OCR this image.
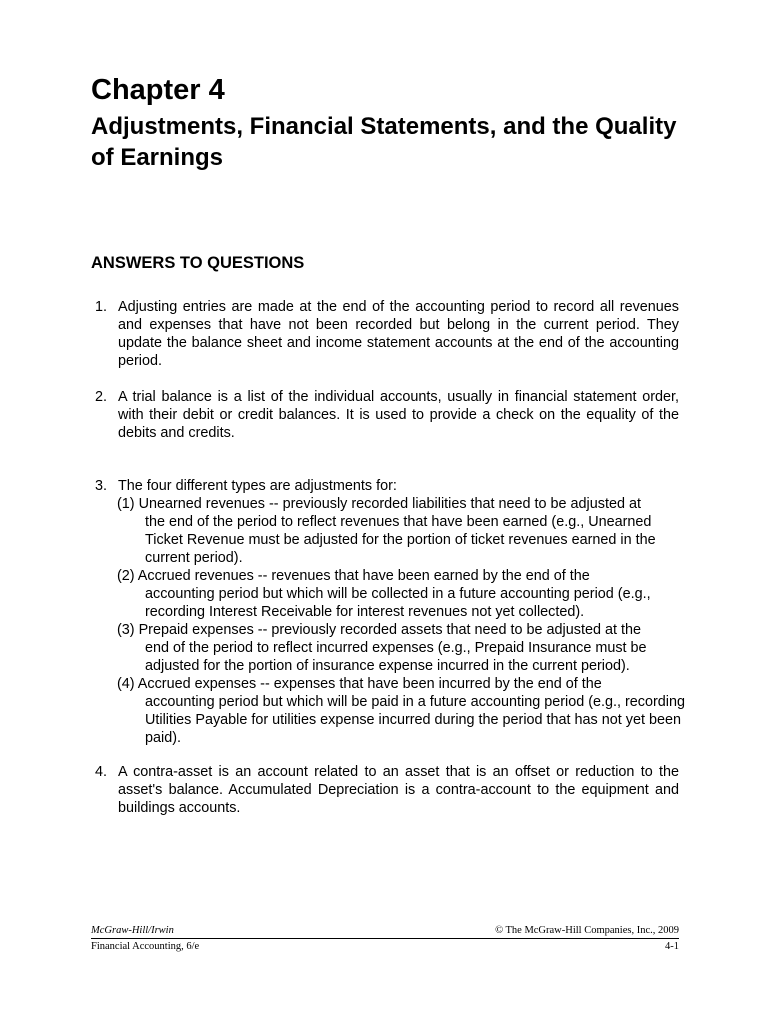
Chapter 4
Adjustments, Financial Statements, and the Quality of Earnings
ANSWERS TO QUESTIONS
1. Adjusting entries are made at the end of the accounting period to record all revenues and expenses that have not been recorded but belong in the current period. They update the balance sheet and income statement accounts at the end of the accounting period.
2. A trial balance is a list of the individual accounts, usually in financial statement order, with their debit or credit balances. It is used to provide a check on the equality of the debits and credits.
3. The four different types are adjustments for:
(1) Unearned revenues -- previously recorded liabilities that need to be adjusted at
the end of the period to reflect revenues that have been earned (e.g., Unearned Ticket Revenue must be adjusted for the portion of ticket revenues earned in the current period).
(2) Accrued revenues -- revenues that have been earned by the end of the
accounting period but which will be collected in a future accounting period (e.g., recording Interest Receivable for interest revenues not yet collected).
(3) Prepaid expenses -- previously recorded assets that need to be adjusted at the
end of the period to reflect incurred expenses (e.g., Prepaid Insurance must be adjusted for the portion of insurance expense incurred in the current period).
(4) Accrued expenses -- expenses that have been incurred by the end of the
accounting period but which will be paid in a future accounting period (e.g., recording Utilities Payable for utilities expense incurred during the period that has not yet been paid).
4. A contra-asset is an account related to an asset that is an offset or reduction to the asset's balance. Accumulated Depreciation is a contra-account to the equipment and buildings accounts.
McGraw-Hill/Irwin	© The McGraw-Hill Companies, Inc., 2009
Financial Accounting, 6/e	4-1
